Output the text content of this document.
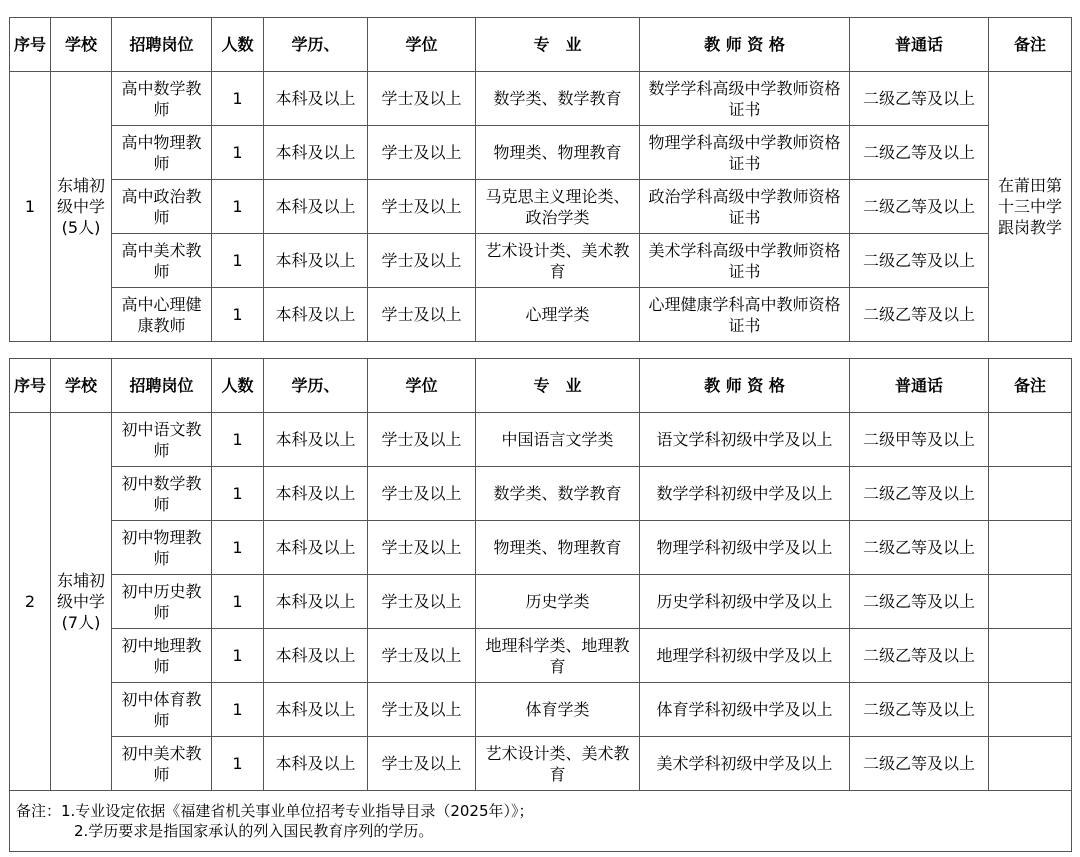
序号	学校	招聘岗位	人数	学历、	学位	专　业	教 师 资 格	普通话	备注
1	东埔初级中学(5人)	高中数学教师	1	本科及以上	学士及以上	数学类、数学教育	数学学科高级中学教师资格证书	二级乙等及以上	在莆田第十三中学跟岗教学
		高中物理教师	1	本科及以上	学士及以上	物理类、物理教育	物理学科高级中学教师资格证书	二级乙等及以上	
		高中政治教师	1	本科及以上	学士及以上	马克思主义理论类、政治学类	政治学科高级中学教师资格证书	二级乙等及以上	
		高中美术教师	1	本科及以上	学士及以上	艺术设计类、美术教育	美术学科高级中学教师资格证书	二级乙等及以上	
		高中心理健康教师	1	本科及以上	学士及以上	心理学类	心理健康学科高中教师资格证书	二级乙等及以上	
序号	学校	招聘岗位	人数	学历、	学位	专　业	教 师 资 格	普通话	备注
2	东埔初级中学(7人)	初中语文教师	1	本科及以上	学士及以上	中国语言文学类	语文学科初级中学及以上	二级甲等及以上	
		初中数学教师	1	本科及以上	学士及以上	数学类、数学教育	数学学科初级中学及以上	二级乙等及以上	
		初中物理教师	1	本科及以上	学士及以上	物理类、物理教育	物理学科初级中学及以上	二级乙等及以上	
		初中历史教师	1	本科及以上	学士及以上	历史学类	历史学科初级中学及以上	二级乙等及以上	
		初中地理教师	1	本科及以上	学士及以上	地理科学类、地理教育	地理学科初级中学及以上	二级乙等及以上	
		初中体育教师	1	本科及以上	学士及以上	体育学类	体育学科初级中学及以上	二级乙等及以上	
		初中美术教师	1	本科及以上	学士及以上	艺术设计类、美术教育	美术学科初级中学及以上	二级乙等及以上	

备注：1.专业设定依据《福建省机关事业单位招考专业指导目录（2025年）》；
2.学历要求是指国家承认的列入国民教育序列的学历。									
